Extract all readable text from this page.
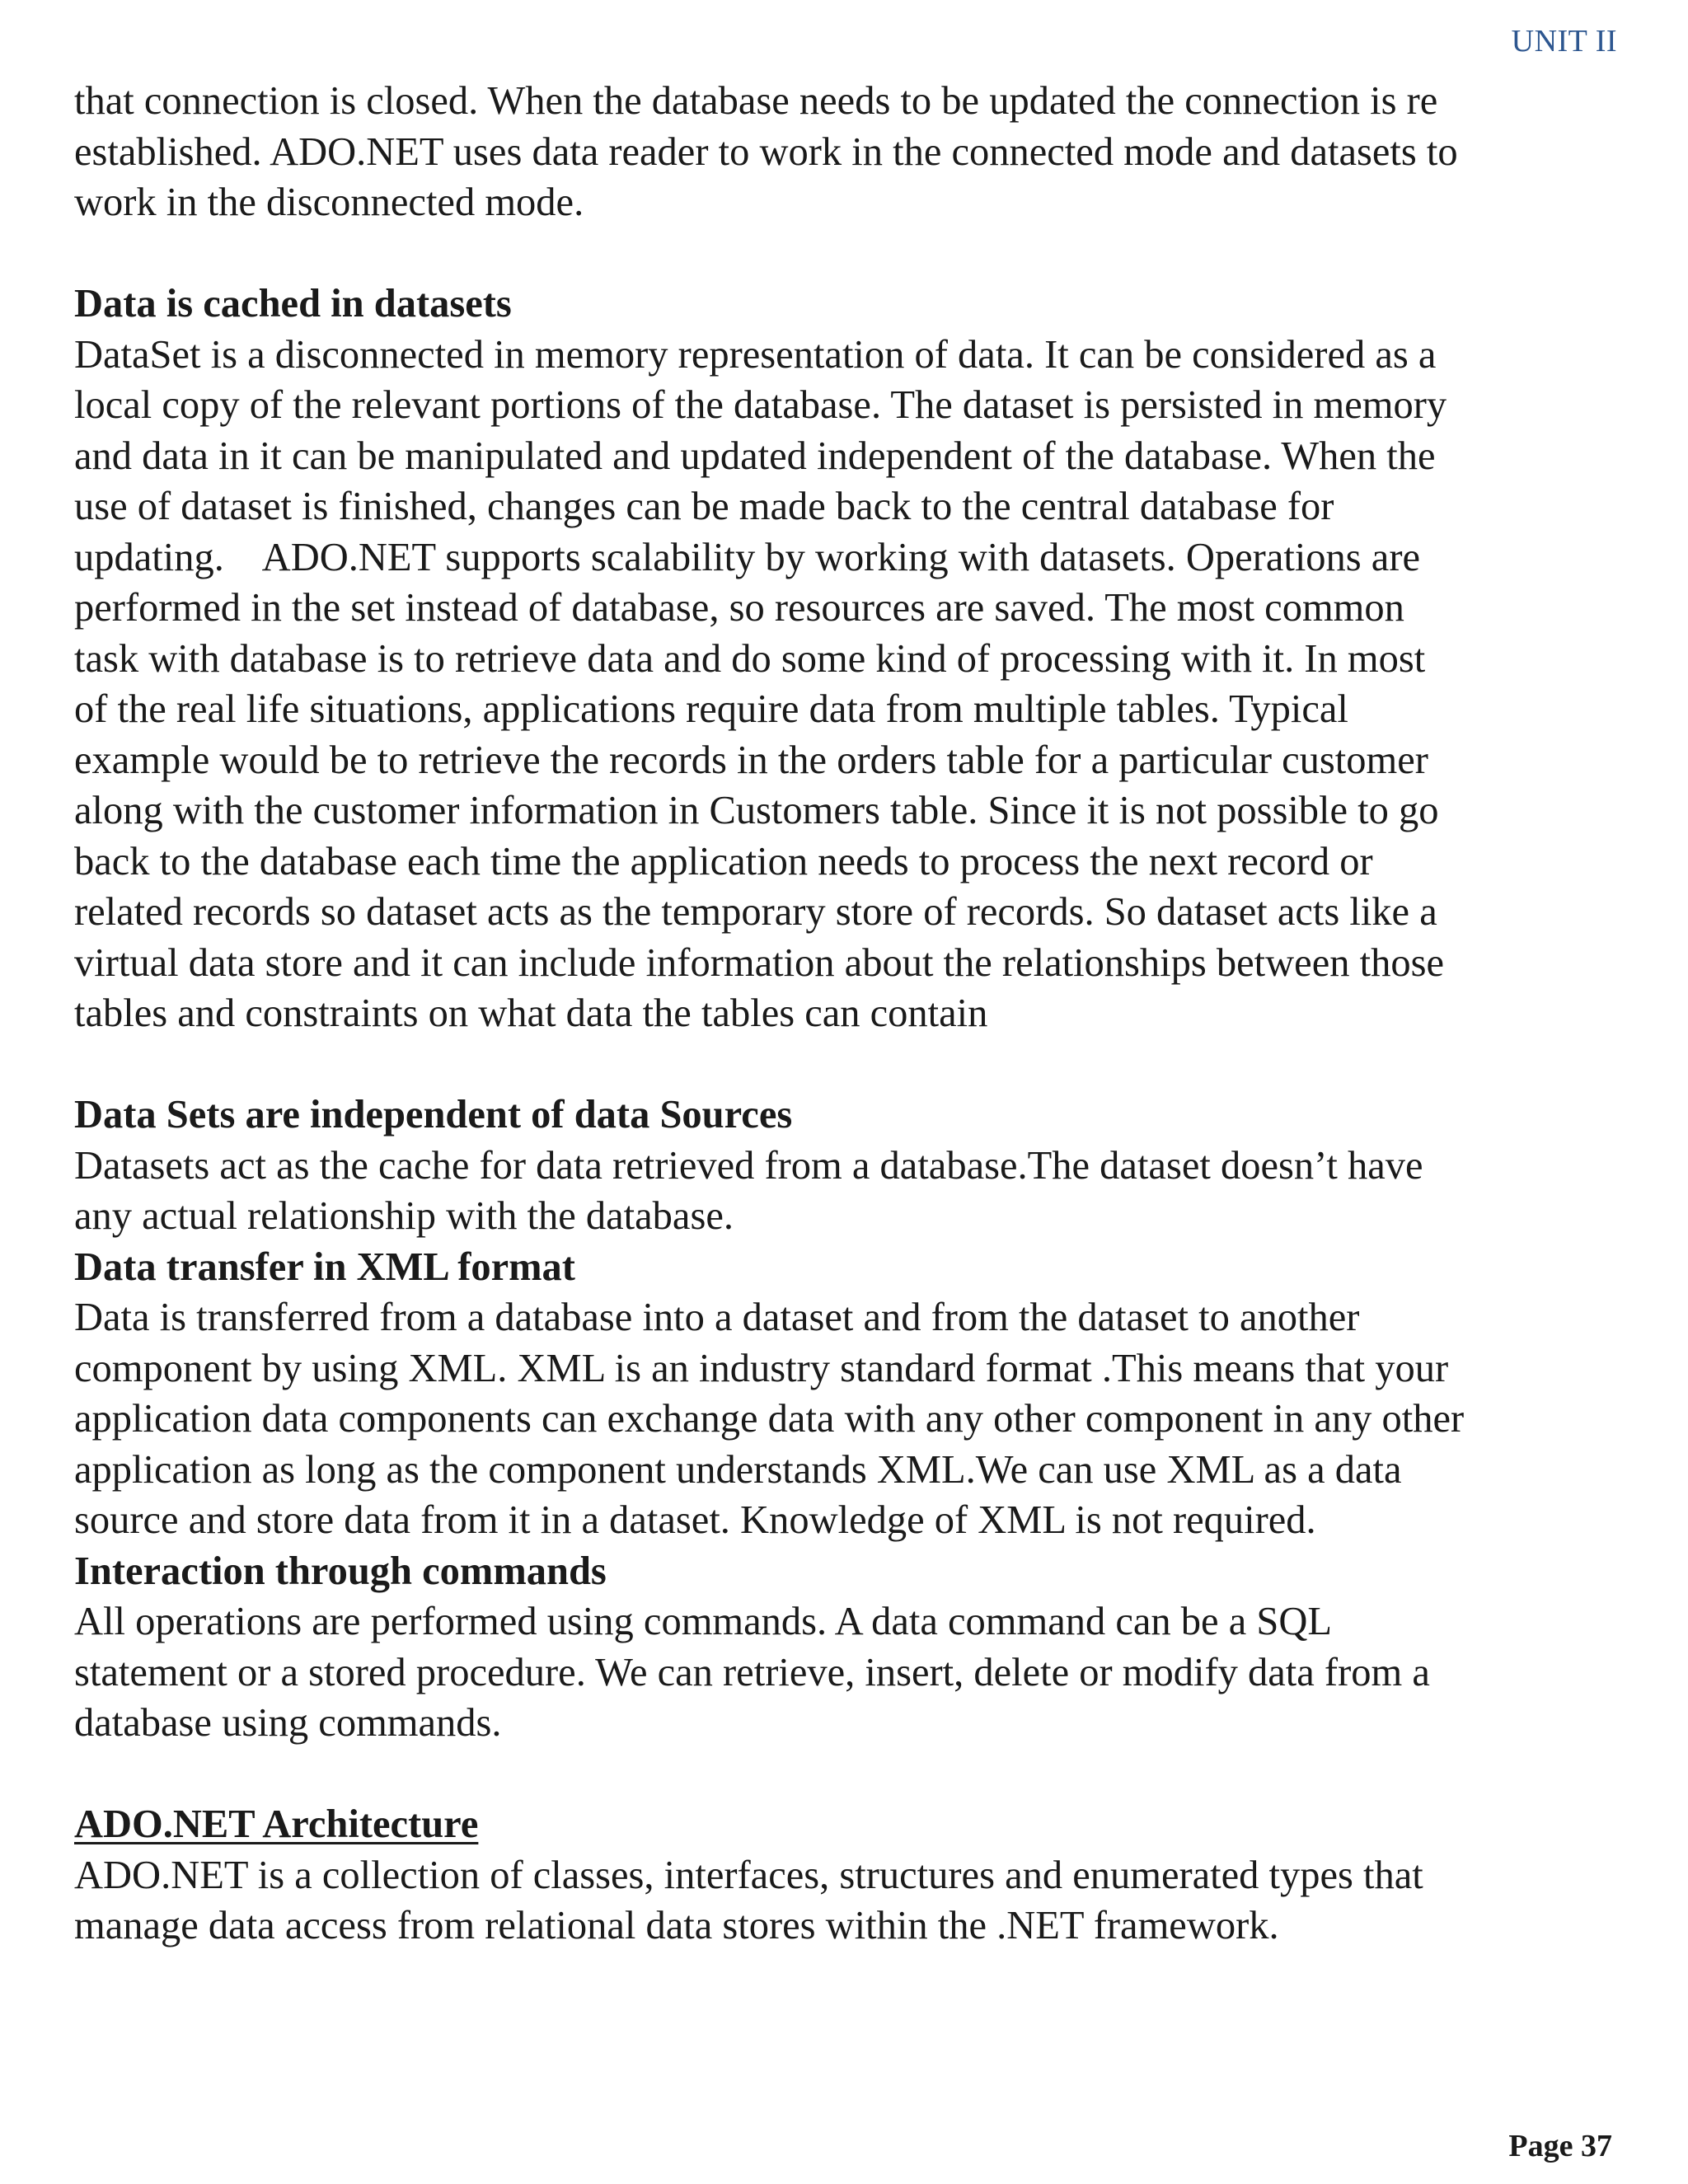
UNIT II
that connection is closed. When the database needs to be updated the connection is re
established. ADO.NET uses data reader to work in the connected mode and datasets to
work in the disconnected mode.
Data is cached in datasets
DataSet is a disconnected in memory representation of data. It can be considered as a
local copy of the relevant portions of the database. The dataset is persisted in memory
and data in it can be manipulated and updated independent of the database. When the
use of dataset is finished, changes can be made back to the central database for
updating.    ADO.NET supports scalability by working with datasets. Operations are
performed in the set instead of database, so resources are saved. The most common
task with database is to retrieve data and do some kind of processing with it. In most
of the real life situations, applications require data from multiple tables. Typical
example would be to retrieve the records in the orders table for a particular customer
along with the customer information in Customers table. Since it is not possible to go
back to the database each time the application needs to process the next record or
related records so dataset acts as the temporary store of records. So dataset acts like a
virtual data store and it can include information about the relationships between those
tables and constraints on what data the tables can contain
Data Sets are independent of data Sources
Datasets act as the cache for data retrieved from a database.The dataset doesn’t have
any actual relationship with the database.
Data transfer in XML format
Data is transferred from a database into a dataset and from the dataset to another
component by using XML. XML is an industry standard format .This means that your
application data components can exchange data with any other component in any other
application as long as the component understands XML.We can use XML as a data
source and store data from it in a dataset. Knowledge of XML is not required.
Interaction through commands
All operations are performed using commands. A data command can be a SQL
statement or a stored procedure. We can retrieve, insert, delete or modify data from a
database using commands.
ADO.NET Architecture
ADO.NET is a collection of classes, interfaces, structures and enumerated types that
manage data access from relational data stores within the .NET framework.
Page 37
